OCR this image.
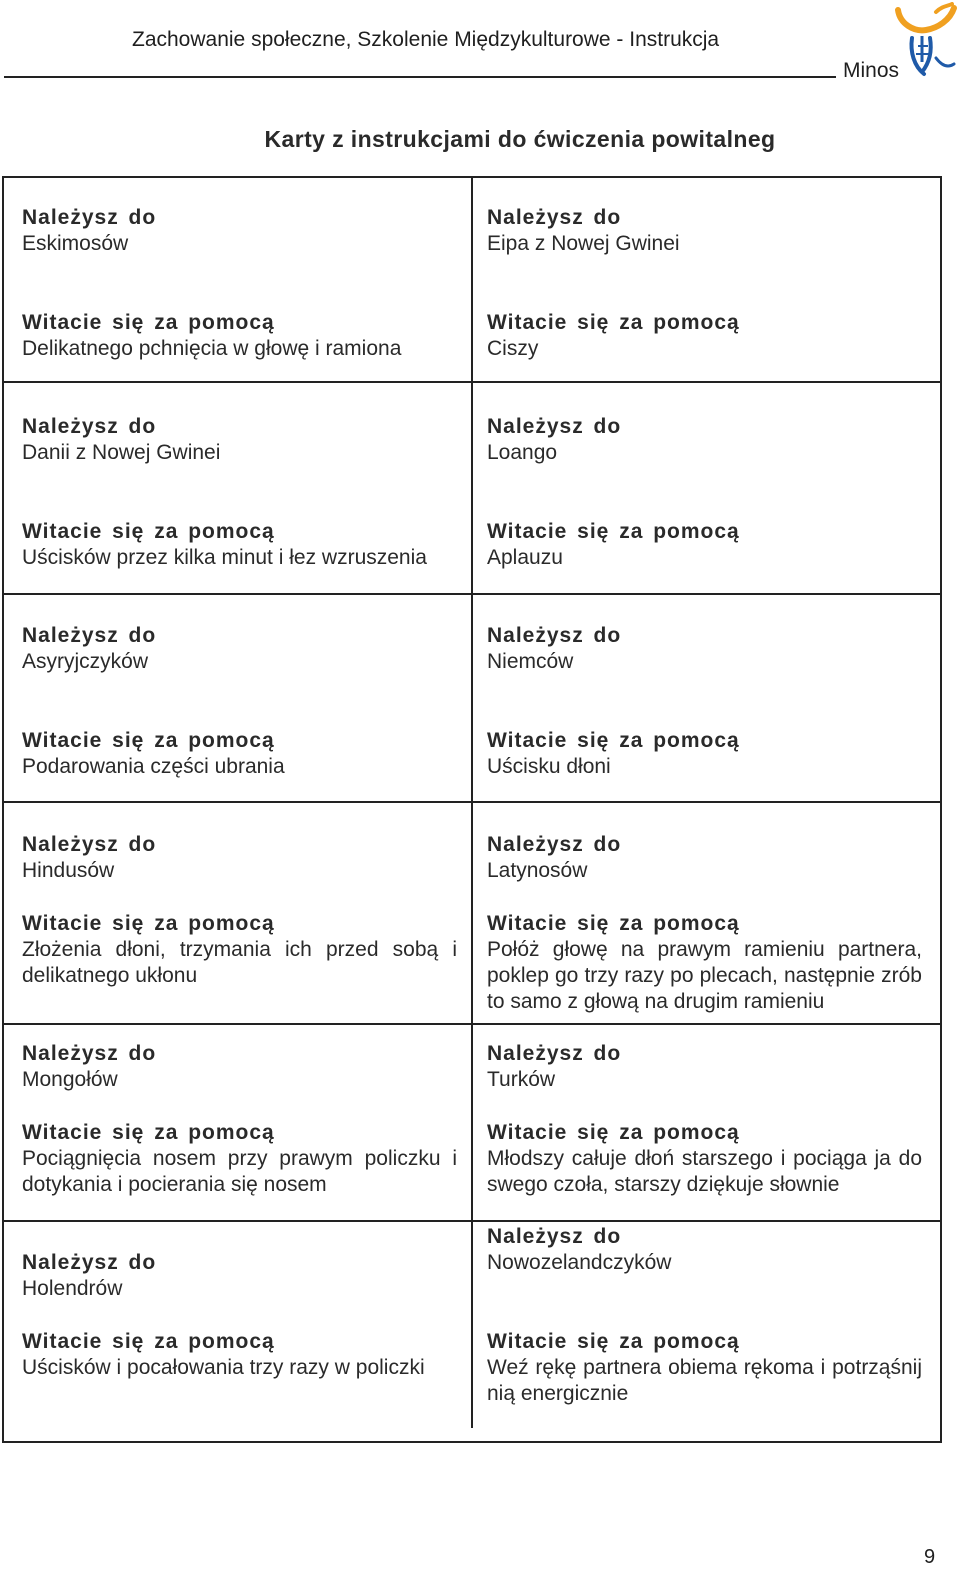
Zachowanie społeczne, Szkolenie Międzykulturowe - Instrukcja
Minos
Karty z instrukcjami do ćwiczenia powitalneg
Należysz do
Eskimosów
Witacie się za pomocą
Delikatnego pchnięcia w głowę i ramiona
Należysz do
Eipa z Nowej Gwinei
Witacie się za pomocą
Ciszy
Należysz do
Danii z Nowej Gwinei
Witacie się za pomocą
Uścisków przez kilka minut i łez wzruszenia
Należysz do
Loango
Witacie się za pomocą
Aplauzu
Należysz do
Asyryjczyków
Witacie się za pomocą
Podarowania części ubrania
Należysz do
Niemców
Witacie się za pomocą
Uścisku dłoni
Należysz do
Hindusów
Witacie się za pomocą
Złożenia dłoni, trzymania ich przed sobą i delikatnego ukłonu
Należysz do
Latynosów
Witacie się za pomocą
Połóż głowę na prawym ramieniu partnera, poklep go trzy razy po plecach, następnie zrób to samo z głową na drugim ramieniu
Należysz do
Mongołów
Witacie się za pomocą
Pociągnięcia nosem przy prawym policzku i dotykania i pocierania się nosem
Należysz do
Turków
Witacie się za pomocą
Młodszy całuje dłoń starszego i pociąga ja do swego czoła, starszy dziękuje słownie
Należysz do
Holendrów
Witacie się za pomocą
Uścisków i pocałowania trzy razy w policzki
Należysz do
Nowozelandczyków
Witacie się za pomocą
Weź rękę partnera obiema rękoma i potrząśnij nią energicznie
9
